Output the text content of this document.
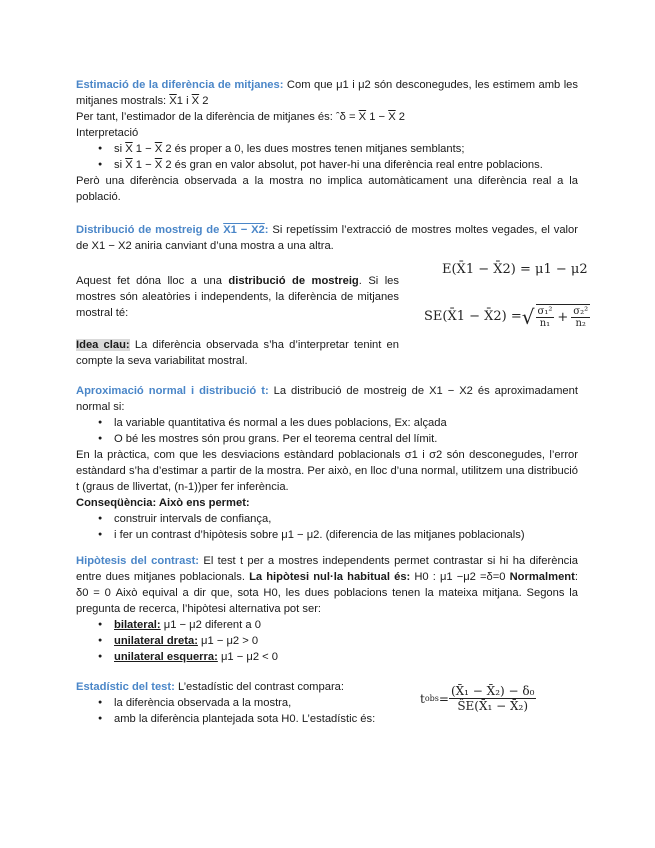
Estimació de la diferència de mitjanes: Com que μ1 i μ2 són desconegudes, les estimem amb les mitjanes mostrals: $\overline{X}1$ i $\overline{X}$ 2

Per tant, l’estimador de la diferència de mitjanes és: ˆδ = $\overline{X}$ $1 - \overline{X}$ 2

Interpretació

● si $\overline{X}$ $1 - \overline{X}$ 2 és proper a 0, les dues mostres tenen mitjanes semblants;
● si $\overline{X}$ $1 - \overline{X}$ 2 és gran en valor absolut, pot haver-hi una diferència real entre poblacions.

Però una diferència observada a la mostra no implica automàticament una diferència real a la població.

Distribució de mostreig de X1 − X2: Si repetíssim l’extracció de mostres moltes vegades, el valor de X1 − X2 aniria canviant d’una mostra a una altra.

Aquest fet dóna lloc a una distribució de mostreig. Si les mostres són aleatòries i independents, la diferència de mitjanes mostral té:

Idea clau: La diferència observada s’ha d’interpretar tenint en compte la seva variabilitat mostral.

E(X̄1 − X̄2) = μ1 − μ2
SE(X̄1 − X̄2) = √ $\frac{\text{σ₁²}}{\text{n₁}} + \frac{\text{σ₂²}}{\text{n₂}}$

Aproximació normal i distribució t: La distribució de mostreig de X1 − X2 és aproximadament normal si:

● la variable quantitativa és normal a les dues poblacions, Ex: alçada
● O bé les mostres són prou grans. Per el teorema central del límit.

En la pràctica, com que les desviacions estàndard poblacionals σ1 i σ2 són desconegudes, l’error estàndard s’ha d’estimar a partir de la mostra. Per això, en lloc d’una normal, utilitzem una distribució t (graus de llivertat, (n-1))per fer inferència.

Conseqüència: Això ens permet:

● construir intervals de confiança,
● i fer un contrast d’hipòtesis sobre μ1 − μ2. (diferencia de las mitjanes poblacionals)

Hipòtesis del contrast: El test t per a mostres independents permet contrastar si hi ha diferència entre dues mitjanes poblacionals. La hipòtesi nul·la habitual és: H0 : μ1 −μ2 =δ=0 Normalment: δ0 = 0 Això equival a dir que, sota H0, les dues poblacions tenen la mateixa mitjana. Segons la pregunta de recerca, l’hipòtesi alternativa pot ser:

● bilateral: μ1 − μ2 diferent a 0
● unilateral dreta: μ1 − μ2 > 0
● unilateral esquerra: μ1 − μ2 < 0

Estadístic del test: L’estadístic del contrast compara:

● la diferència observada a la mostra,
● amb la diferència plantejada sota H0. L’estadístic és:
t obs = $\frac{\text{(X̄₁ − X̄₂) − δ₀}}{\text{ŜE(X̄₁ − X̄₂)}}$
